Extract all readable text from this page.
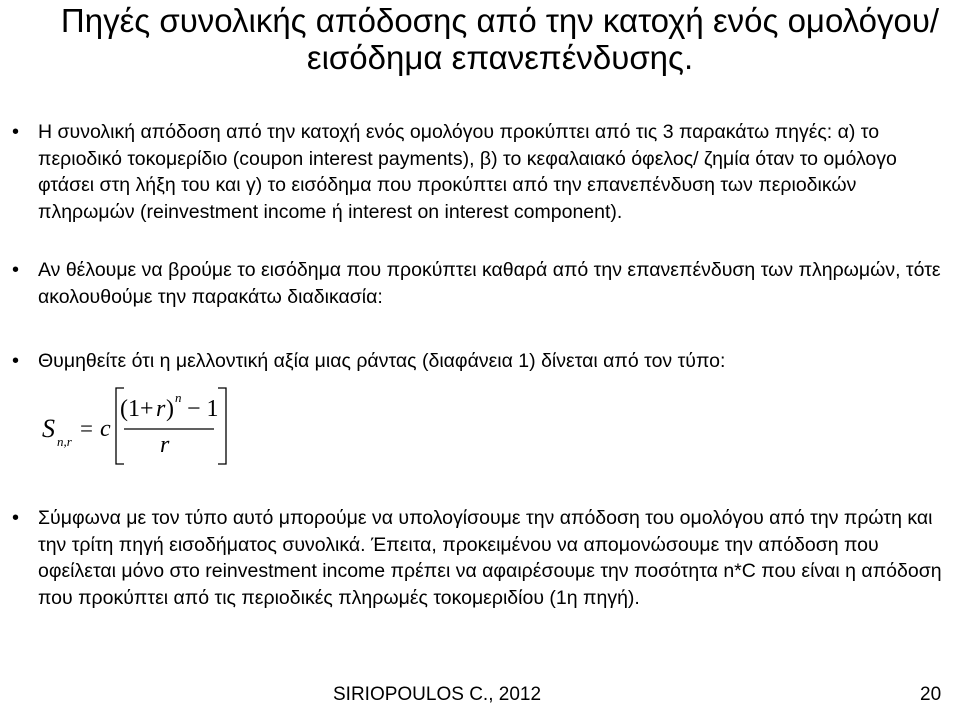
Πηγές συνολικής απόδοσης από την κατοχή ενός ομολόγου/εισόδημα επανεπένδυσης.
• Η συνολική απόδοση από την κατοχή ενός ομολόγου προκύπτει από τις 3 παρακάτω πηγές: α) το περιοδικό τοκομερίδιο (coupon interest payments), β) το κεφαλαιακό όφελος/ ζημία όταν το ομόλογο φτάσει στη λήξη του και γ) το εισόδημα που προκύπτει από την επανεπένδυση των περιοδικών πληρωμών (reinvestment income ή interest on interest component).
• Αν θέλουμε να βρούμε το εισόδημα που προκύπτει καθαρά από την επανεπένδυση των πληρωμών, τότε ακολουθούμε την παρακάτω διαδικασία:
• Θυμηθείτε ότι η μελλοντική αξία μιας ράντας (διαφάνεια 1) δίνεται από τον τύπο:
S n,r
= c
(1+ r ) n − 1
r
• Σύμφωνα με τον τύπο αυτό μπορούμε να υπολογίσουμε την απόδοση του ομολόγου από την πρώτη και την τρίτη πηγή εισοδήματος συνολικά. Έπειτα, προκειμένου να απομονώσουμε την απόδοση που οφείλεται μόνο στο reinvestment income πρέπει να αφαιρέσουμε την ποσότητα n*C που είναι η απόδοση που προκύπτει από τις περιοδικές πληρωμές τοκομεριδίου (1η πηγή).
SIRIOPOULOS C., 2012	20
